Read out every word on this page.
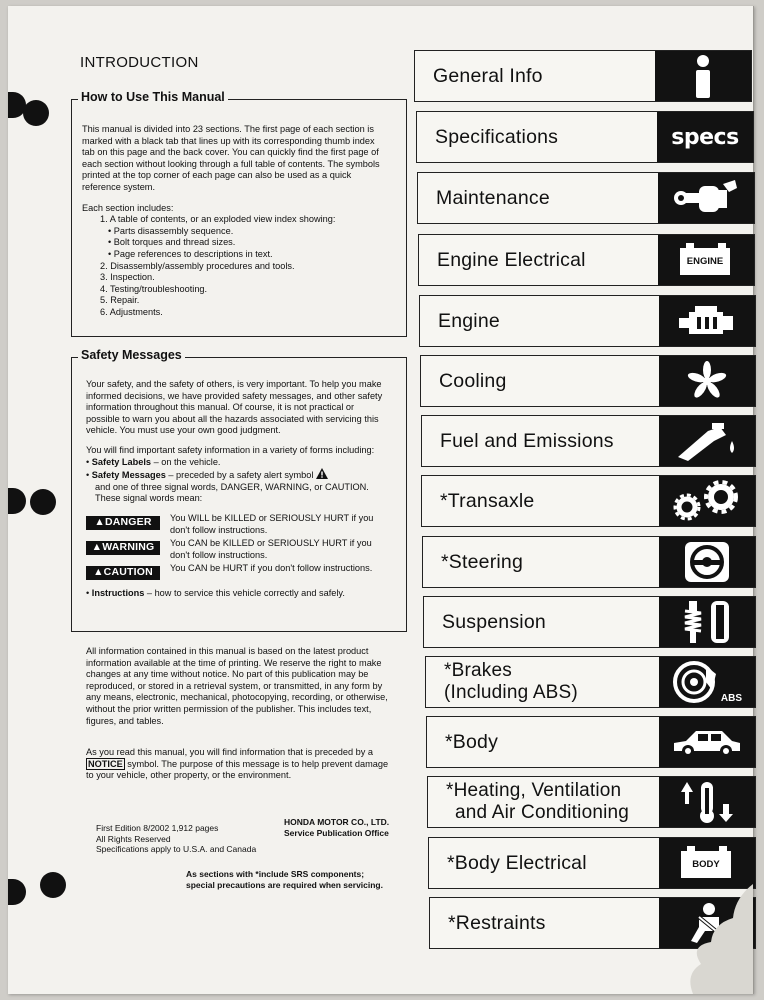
INTRODUCTION
How to Use This Manual

This manual is divided into 23 sections. The first page of each section is marked with a black tab that lines up with its corresponding thumb index tab on this page and the back cover. You can quickly find the first page of each section without looking through a full table of contents. The symbols printed at the top corner of each page can also be used as a quick reference system.

Each section includes:

1. A table of contents, or an exploded view index showing:

• Parts disassembly sequence.

• Bolt torques and thread sizes.

• Page references to descriptions in text.

2. Disassembly/assembly procedures and tools.

3. Inspection.

4. Testing/troubleshooting.

5. Repair.

6. Adjustments.

Safety Messages

Your safety, and the safety of others, is very important. To help you make informed decisions, we have provided safety messages, and other safety information throughout this manual. Of course, it is not practical or possible to warn you about all the hazards associated with servicing this vehicle. You must use your own good judgment.

You will find important safety information in a variety of forms including:

• Safety Labels – on the vehicle.

• Safety Messages – preceded by a safety alert symbol
and one of three signal words, DANGER, WARNING, or CAUTION. These signal words mean:

▲DANGER	You WILL be KILLED or SERIOUSLY HURT if you don't follow instructions.
▲WARNING	You CAN be KILLED or SERIOUSLY HURT if you don't follow instructions.
▲CAUTION	You CAN be HURT if you don't follow instructions.

• Instructions – how to service this vehicle correctly and safely.

All information contained in this manual is based on the latest product information available at the time of printing. We reserve the right to make changes at any time without notice. No part of this publication may be reproduced, or stored in a retrieval system, or transmitted, in any form by any means, electronic, mechanical, photocopying, recording, or otherwise, without the prior written permission of the publisher. This includes text, figures, and tables.
As you read this manual, you will find information that is preceded by a NOTICE symbol. The purpose of this message is to help prevent damage to your vehicle, other property, or the environment.
First Edition 8/2002 1,912 pages
All Rights Reserved
Specifications apply to U.S.A. and Canada
HONDA MOTOR CO., LTD.
Service Publication Office
As sections with *include SRS components;
special precautions are required when servicing.
General Info
Specifications	specs
Maintenance
Engine Electrical	ENGINE
Engine
Cooling
Fuel and Emissions
*Transaxle
*Steering
Suspension
*Brakes
(Including ABS)	ABS
*Body
*Heating, Ventilation
and Air Conditioning
*Body Electrical	BODY
*Restraints
